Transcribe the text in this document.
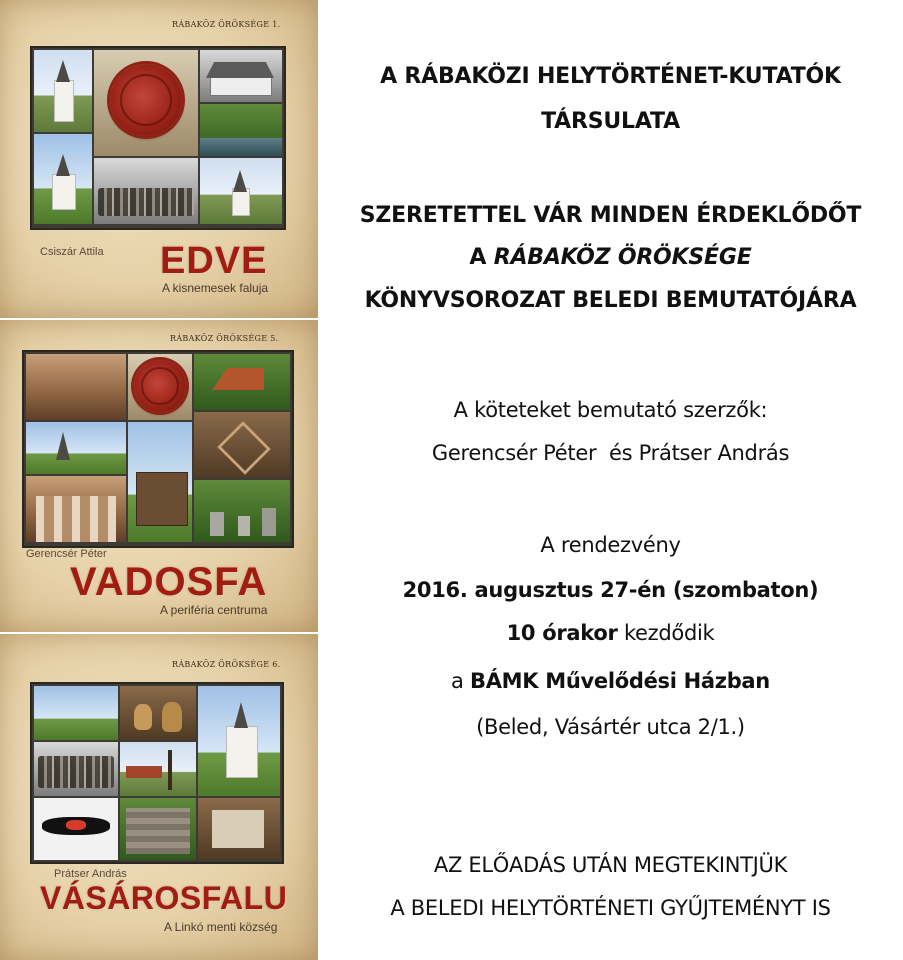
RÁBAKÖZ ÖRÖKSÉGE 1.
Csiszár Attila EDVE
A kisnemesek falujа
RÁBAKÖZ ÖRÖKSÉGE 5.
Gerencsér Péter
VADOSFA
A periféria centruma
RÁBAKÖZ ÖRÖKSÉGE 6.
Prátser András
VÁSÁROSFALU
A Linkó menti község
A RÁBAKÖZI HELYTÖRTÉNET-KUTATÓK
TÁRSULATA
SZERETETTEL VÁR MINDEN ÉRDEKLŐDŐT
A RÁBAKÖZ ÖRÖKSÉGE
KÖNYVSOROZAT BELEDI BEMUTATÓJÁRA
A köteteket bemutató szerzők:
Gerencsér Péter  és Prátser András
A rendezvény
2016. augusztus 27-én (szombaton)
10 órakor kezdődik
a BÁMK Művelődési Házban
(Beled, Vásártér utca 2/1.)
AZ ELŐADÁS UTÁN MEGTEKINTJÜK
A BELEDI HELYTÖRTÉNETI GYŰJTEMÉNYT IS
